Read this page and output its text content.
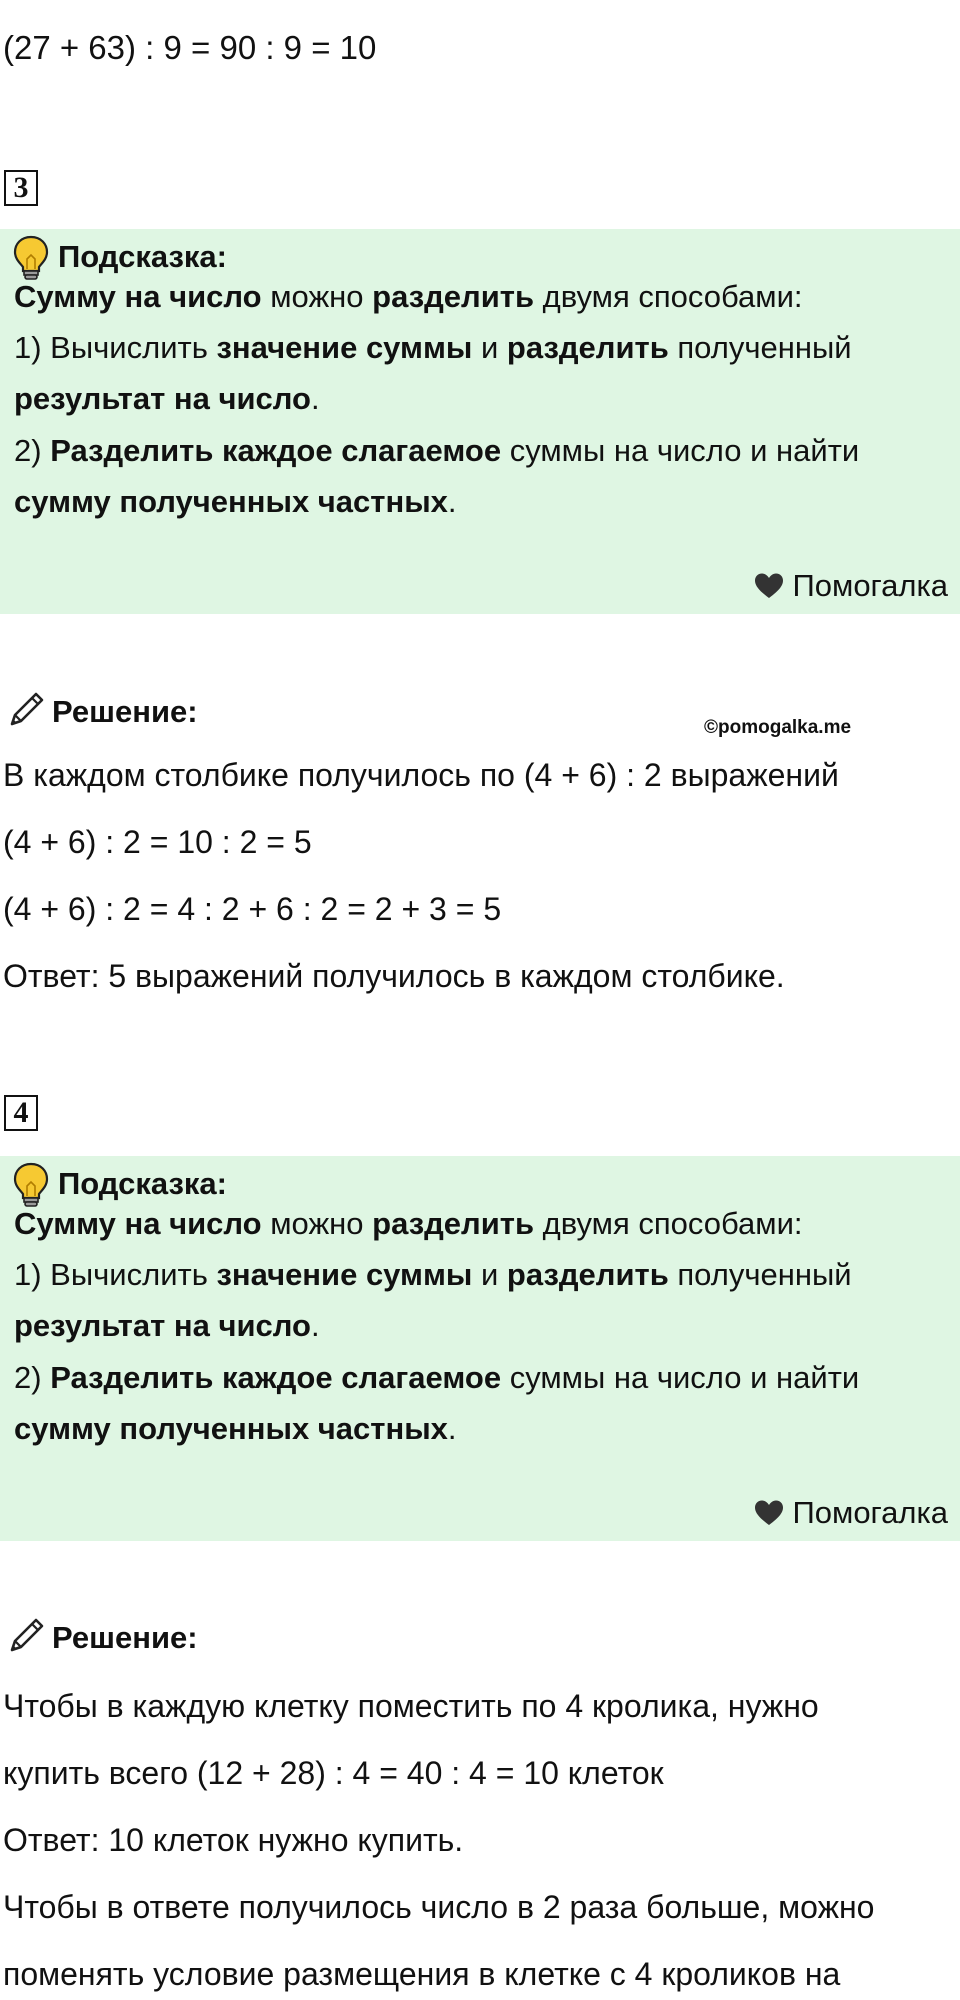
(27 + 63) : 9 = 90 : 9 = 10
3
Подсказка:
Сумму на число можно разделить двумя способами:
1) Вычислить значение суммы и разделить полученный
результат на число.
2) Разделить каждое слагаемое суммы на число и найти
сумму полученных частных.
Помогалка
Решение:	©pomogalka.me
В каждом столбике получилось по (4 + 6) : 2 выражений
(4 + 6) : 2 = 10 : 2 = 5
(4 + 6) : 2 = 4 : 2 + 6 : 2 = 2 + 3 = 5
Ответ: 5 выражений получилось в каждом столбике.
4
Подсказка:
Сумму на число можно разделить двумя способами:
1) Вычислить значение суммы и разделить полученный
результат на число.
2) Разделить каждое слагаемое суммы на число и найти
сумму полученных частных.
Помогалка
Решение:
Чтобы в каждую клетку поместить по 4 кролика, нужно
купить всего (12 + 28) : 4 = 40 : 4 = 10 клеток
Ответ: 10 клеток нужно купить.
Чтобы в ответе получилось число в 2 раза больше, можно
поменять условие размещения в клетке с 4 кроликов на
